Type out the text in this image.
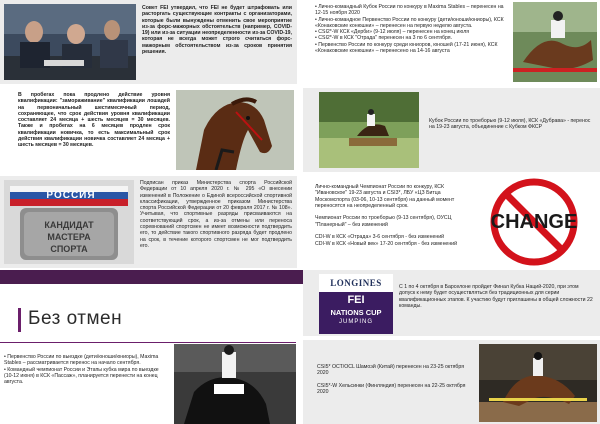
Совет FEI утвердил, что FEI не будет штрафовать или расторгать существующие контракты с организаторами, которые были вынуждены отменить свое мероприятие из-за форс-мажорных обстоятельств (например, COVID-19) или из-за ситуации неопределенности из-за COVID-19, которая не всегда может строго считаться форс-мажорным обстоятельством из-за сроков принятия решения.
• Лично-командный Кубок России по конкуру в Maxima Stables – перенесен на 12-15 ноября 2020
• Лично-командное Первенство России по конкуру (дети/юноши/юниоры), КСК «Конаковские конюшни» – перенесен на первую неделю августа.
• CSI2*-W КСК «Дерби» (9-12 июля) – перенесен на конец июля
• CSI2*-W в КСК "Отрада" перенесен на 3 по 6 сентября.
• Первенство России по конкуру среди юниоров, юношей (17-21 июня), КСК «Конаковские конюшни» – перенесено на 14-16 августа
В пробегах пока продлено действие уровня квалификации: "замораживание" квалификации лошадей на первоначальный шестимесячный период, сохраняющее, что срок действия уровня квалификации составляет 24 месяца + шесть месяцев = 30 месяцев. Также и пробегах на 6 месяцев продлен срок квалификации новичка, то есть максимальный срок действия квалификации новичка составляет 24 месяца + шесть месяцев = 30 месяцев.
Кубок России по троеборью (9-12 июля), КСК «Дубрава» - перенос на 19-23 августа, объединение с Кубком ФКСР
РОССИЯ
КАНДИДАТ
МАСТЕРА
СПОРТА
Подписан приказ Министерства спорта Российской Федерации от 10 апреля 2020 г. № 295 «О внесении изменений в Положение о Единой всероссийской спортивной классификации, утвержденное приказом Министерства спорта Российской Федерации от 20 февраля 2017 г. № 108». Учитывая, что спортивные разряды присваиваются на соответствующий срок, а из-за отмены или переноса соревнований спортсмен не имеет возможности подтвердить его, то действие такого спортивного разряда будет продлено на срок, в течение которого спортсмен не мог подтвердить его.
Лично-командный Чемпионат России по конкуру, КСК "Ивановское" 19-23 августа и CSI3*, ЛБУ «ЦЗ Битца Москомспорта (03-06, 10-13 сентября) на данный момент переносятся на неопределенный срок.

Чемпионат России по троеборью (9-13 сентября), ОУСЦ "Планерный" – без изменений

CDI-W в КСК «Отрада» 3-6 сентября - без изменений
CDI-W в КСК «Новый век» 17-20 сентября - без изменений
CHANGE
Без отмен
LONGINES
FEI
NATIONS CUP
JUMPING
С 1 по 4 октября в Барселоне пройдет Финал Кубка Наций-2020, при этом допуск к нему будет осуществляться без традиционных для серии квалификационных этапов. К участию будут приглашены в общей сложности 22 команды.
• Первенство России по выездке (дети/юноши/юниоры), Maxima Stables – рассматривается перенос на начало сентября.
• Командный чемпионат России и Этапы кубка мира по выездке (10-12 июня) в КСК «Пассаж», планируется перенести на конец августа.
CSI5* ОСТ/ОСL Шамоэй (Китай) перенесен на 23-25 октября 2020

CSI5*-W Хельсинки (Финляндия) перенесен на 22-25 октября 2020
